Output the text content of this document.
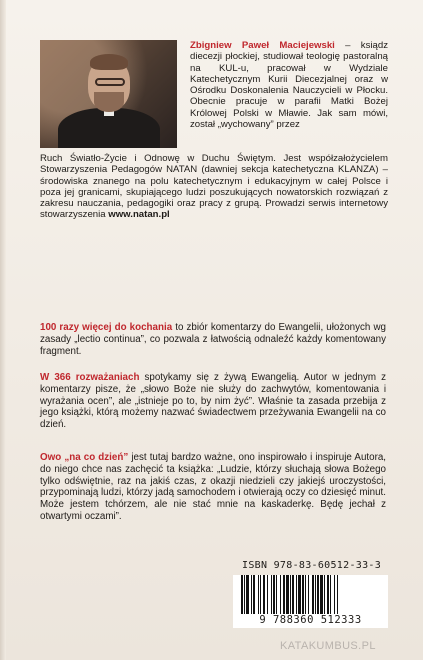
Zbigniew Paweł Maciejewski – ksiądz diecezji płockiej, studiował teologię pastoralną na KUL-u, pracował w Wydziale Katechetycznym Kurii Diecezjalnej oraz w Ośrodku Doskonalenia Nauczycieli w Płocku. Obecnie pracuje w parafii Matki Bożej Królowej Polski w Mławie. Jak sam mówi, został „wychowany” przez
Ruch Światło-Życie i Odnowę w Duchu Świętym. Jest współzałożycielem Stowarzyszenia Pedagogów NATAN (dawniej sekcja katechetyczna KLANZA) – środowiska znanego na polu katechetycznym i edukacyjnym w całej Polsce i poza jej granicami, skupiającego ludzi poszukujących nowatorskich rozwiązań z zakresu nauczania, pedagogiki oraz pracy z grupą. Prowadzi serwis internetowy stowarzyszenia www.natan.pl
100 razy więcej do kochania to zbiór komentarzy do Ewangelii, ułożonych wg zasady „lectio continua”, co pozwala z łatwością odnaleźć każdy komentowany fragment.
W 366 rozważaniach spotykamy się z żywą Ewangelią. Autor w jednym z komentarzy pisze, że „słowo Boże nie służy do zachwytów, komentowania i wyrażania ocen”, ale „istnieje po to, by nim żyć”. Właśnie ta zasada przebija z jego książki, którą możemy nazwać świadectwem przeżywania Ewangelii na co dzień.
Owo „na co dzień” jest tutaj bardzo ważne, ono inspirowało i inspiruje Autora, do niego chce nas zachęcić ta książka: „Ludzie, którzy słuchają słowa Bożego tylko odświętnie, raz na jakiś czas, z okazji niedzieli czy jakiejś uroczystości, przypominają ludzi, którzy jadą samochodem i otwierają oczy co dziesięć minut. Może jestem tchórzem, ale nie stać mnie na kaskaderkę. Będę jechał z otwartymi oczami”.
ISBN 978-83-60512-33-3
9 788360 512333
KATAKUMBUS.PL
